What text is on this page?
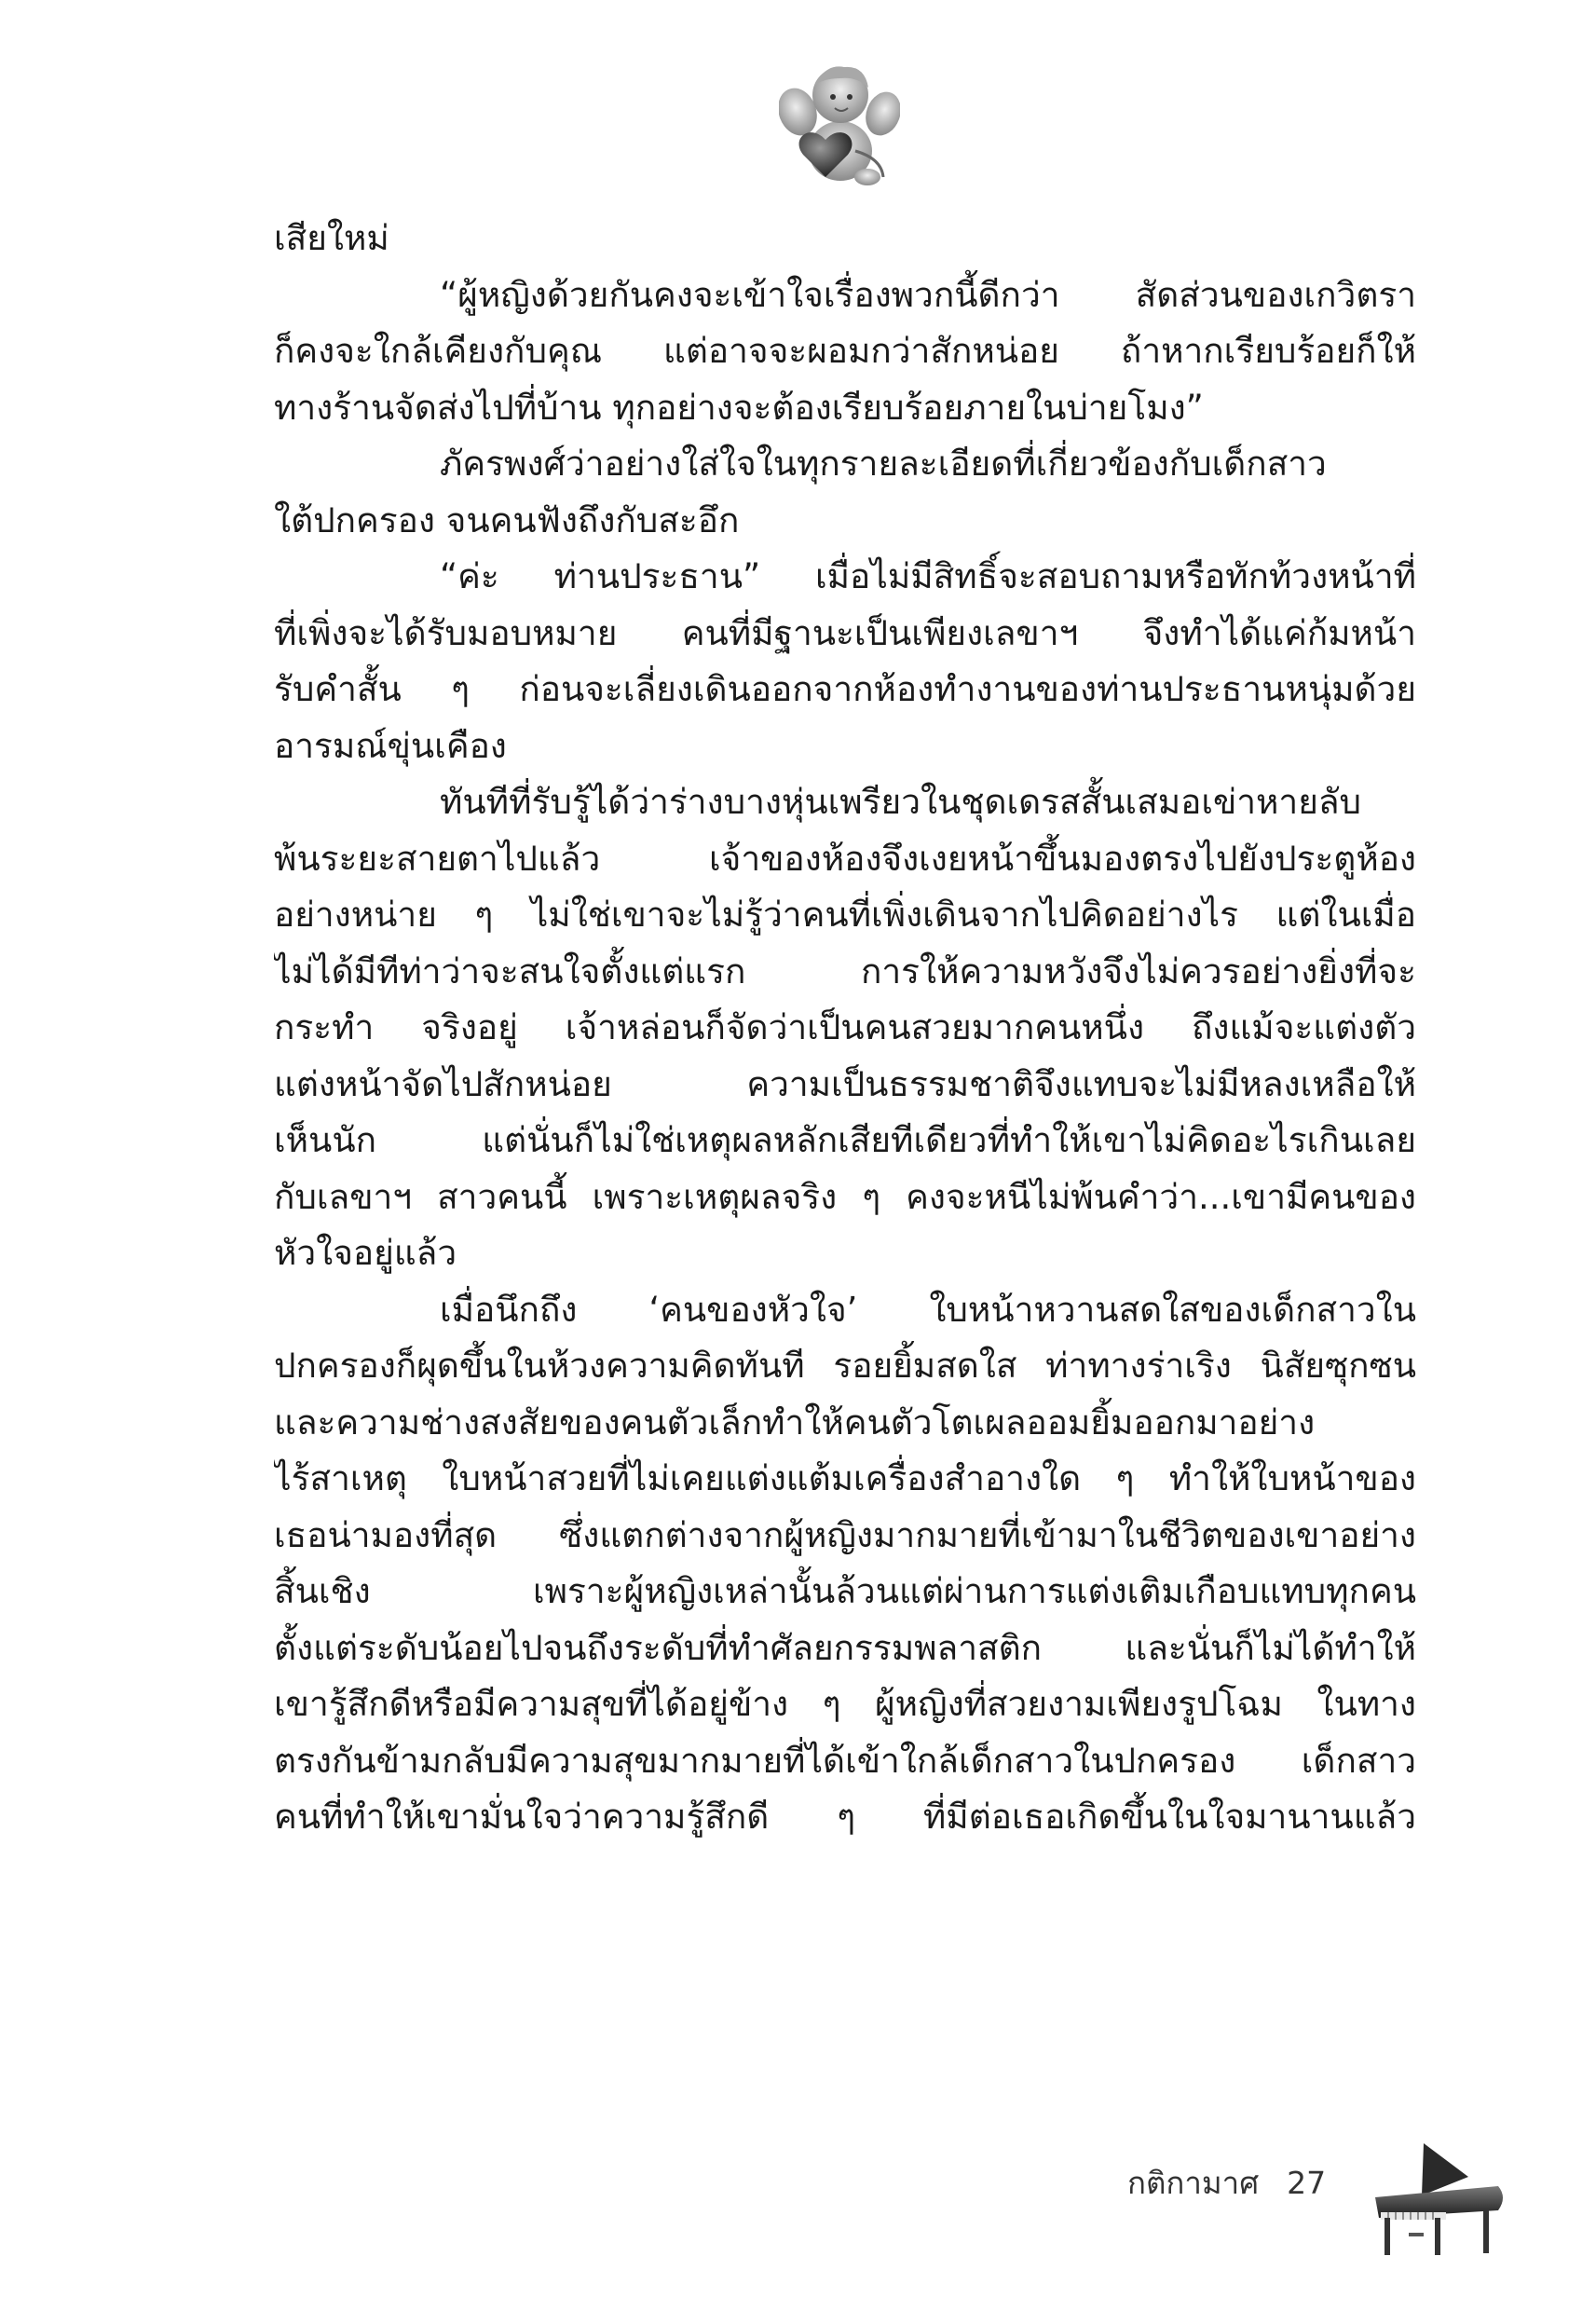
เสียใหม่
“ผู้หญิงด้วยกันคงจะเข้าใจเรื่องพวกนี้ดีกว่า สัดส่วนของเกวิตรา
ก็คงจะใกล้เคียงกับคุณ แต่อาจจะผอมกว่าสักหน่อย ถ้าหากเรียบร้อยก็ให้
ทางร้านจัดส่งไปที่บ้าน ทุกอย่างจะต้องเรียบร้อยภายในบ่ายโมง”
ภัครพงศ์ว่าอย่างใส่ใจในทุกรายละเอียดที่เกี่ยวข้องกับเด็กสาว
ใต้ปกครอง จนคนฟังถึงกับสะอึก
“ค่ะ ท่านประธาน” เมื่อไม่มีสิทธิ์จะสอบถามหรือทักท้วงหน้าที่
ที่เพิ่งจะได้รับมอบหมาย คนที่มีฐานะเป็นเพียงเลขาฯ จึงทำได้แค่ก้มหน้า
รับคำสั้น ๆ ก่อนจะเลี่ยงเดินออกจากห้องทำงานของท่านประธานหนุ่มด้วย
อารมณ์ขุ่นเคือง
ทันทีที่รับรู้ได้ว่าร่างบางหุ่นเพรียวในชุดเดรสสั้นเสมอเข่าหายลับ
พ้นระยะสายตาไปแล้ว เจ้าของห้องจึงเงยหน้าขึ้นมองตรงไปยังประตูห้อง
อย่างหน่าย ๆ ไม่ใช่เขาจะไม่รู้ว่าคนที่เพิ่งเดินจากไปคิดอย่างไร แต่ในเมื่อ
ไม่ได้มีทีท่าว่าจะสนใจตั้งแต่แรก การให้ความหวังจึงไม่ควรอย่างยิ่งที่จะ
กระทำ จริงอยู่ เจ้าหล่อนก็จัดว่าเป็นคนสวยมากคนหนึ่ง ถึงแม้จะแต่งตัว
แต่งหน้าจัดไปสักหน่อย ความเป็นธรรมชาติจึงแทบจะไม่มีหลงเหลือให้
เห็นนัก แต่นั่นก็ไม่ใช่เหตุผลหลักเสียทีเดียวที่ทำให้เขาไม่คิดอะไรเกินเลย
กับเลขาฯ สาวคนนี้ เพราะเหตุผลจริง ๆ คงจะหนีไม่พ้นคำว่า...เขามีคนของ
หัวใจอยู่แล้ว
เมื่อนึกถึง ‘คนของหัวใจ’ ใบหน้าหวานสดใสของเด็กสาวใน
ปกครองก็ผุดขึ้นในห้วงความคิดทันที รอยยิ้มสดใส ท่าทางร่าเริง นิสัยซุกซน
และความช่างสงสัยของคนตัวเล็กทำให้คนตัวโตเผลออมยิ้มออกมาอย่าง
ไร้สาเหตุ ใบหน้าสวยที่ไม่เคยแต่งแต้มเครื่องสำอางใด ๆ ทำให้ใบหน้าของ
เธอน่ามองที่สุด ซึ่งแตกต่างจากผู้หญิงมากมายที่เข้ามาในชีวิตของเขาอย่าง
สิ้นเชิง เพราะผู้หญิงเหล่านั้นล้วนแต่ผ่านการแต่งเติมเกือบแทบทุกคน
ตั้งแต่ระดับน้อยไปจนถึงระดับที่ทำศัลยกรรมพลาสติก และนั่นก็ไม่ได้ทำให้
เขารู้สึกดีหรือมีความสุขที่ได้อยู่ข้าง ๆ ผู้หญิงที่สวยงามเพียงรูปโฉม ในทาง
ตรงกันข้ามกลับมีความสุขมากมายที่ได้เข้าใกล้เด็กสาวในปกครอง เด็กสาว
คนที่ทำให้เขามั่นใจว่าความรู้สึกดี ๆ ที่มีต่อเธอเกิดขึ้นในใจมานานแล้ว
กติกามาศ 27
